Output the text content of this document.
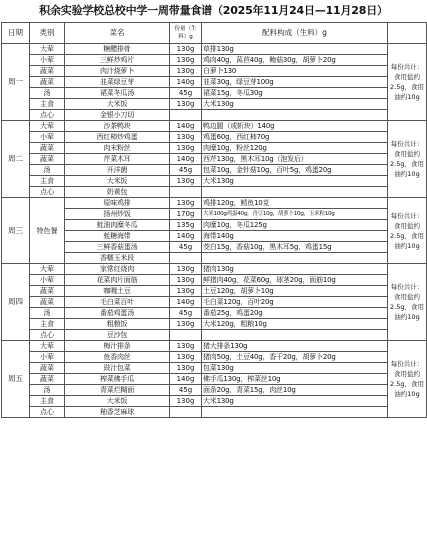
积余实验学校总校中学一周带量食谱（2025年11月24日—11月28日）
日期	类别	菜名	份量（生料）g	配料构成（生料）g	
周一	大荤	糖醋排骨	130g	草排130g	每份共计：食用盐约2.5g，食用油约10g
	小荤	三鲜炒鸡片	130g	鸡肉40g，莴苣40g，鲍菇30g，胡萝卜20g	
	蔬菜	肉汁烧萝卜	130g	白萝卜130	
	蔬菜	韭菜绿豆芽	140g	韭菜30g，绿豆芽100g	
	汤	裙菜冬瓜汤	45g	裙菜15g，冬瓜30g	
	主食	大米饭	130g	大米130g	
	点心	金银小刀切			
周二	大荤	沙茶鸭块	140g	鸭边腿（或斩块）140g	每份共计：食用盐约2.5g，食用油约10g
	小荤	西红柿炒鸡蛋	130g	鸡蛋60g，西红柿70g	
	蔬菜	肉末粉丝	130g	肉糜10g，粉丝120g	
	蔬菜	芹菜木耳	140g	西芹130g，黑木耳10g（泡发后）	
	汤	开洋菌	45g	包菜10g，金针菇10g，百叶5g，鸡蛋20g	
	主食	大米饭	130g	大米130g	
	点心	奶黄包			
周三	特色餐	原味鸡排	130g	鸡排120g，鳕鱼10克	每份共计：食用盐约2.5g，食用油约10g
		扬州炒饭	170g	大米100g鸡蛋40g，青豆10g，胡萝卜10g，玉米粒10g	
		蚝油肉糜冬瓜	135g	肉糜10g，冬瓜125g	
		蚝糖海带	140g	海带140g	
		三鲜香菇蛋汤	45g	茭白15g，香菇10g，黑木耳5g，鸡蛋15g	
		香糯玉米段			
周四	大荤	家常红烧肉	130g	猪肉130g	每份共计：食用盐约2.5g，食用油约10g
	小荤	花菜肉片面筋	130g	鲜猪肉40g，花菜60g，球茎20g，面筋10g	
	蔬菜	咖喱土豆	130g	土豆120g，胡萝卜10g	
	蔬菜	毛白菜百叶	140g	毛白菜120g，百叶20g	
	汤	番茄鸡蛋汤	45g	番茄25g，鸡蛋20g	
	主食	粗粮饭	130g	大米120g，粗粮10g	
	点心	豆沙包			
周五	大荤	梅汁排条	130g	猪大排条130g	每份共计：食用盐约2.5g，食用油约10g
	小荤	鱼香肉丝	130g	猪肉50g，土豆40g，香干20g，胡萝卜20g	
	蔬菜	豉汁包菜	130g	包菜130g	
	蔬菜	榨菜佛手瓜	140g	佛手瓜130g，榨菜丝10g	
	汤	青菜烂糊面	45g	面条20g，青菜15g，肉丝10g	
	主食	大米饭	130g	大米130g	
	点心	釉香芝麻球			
